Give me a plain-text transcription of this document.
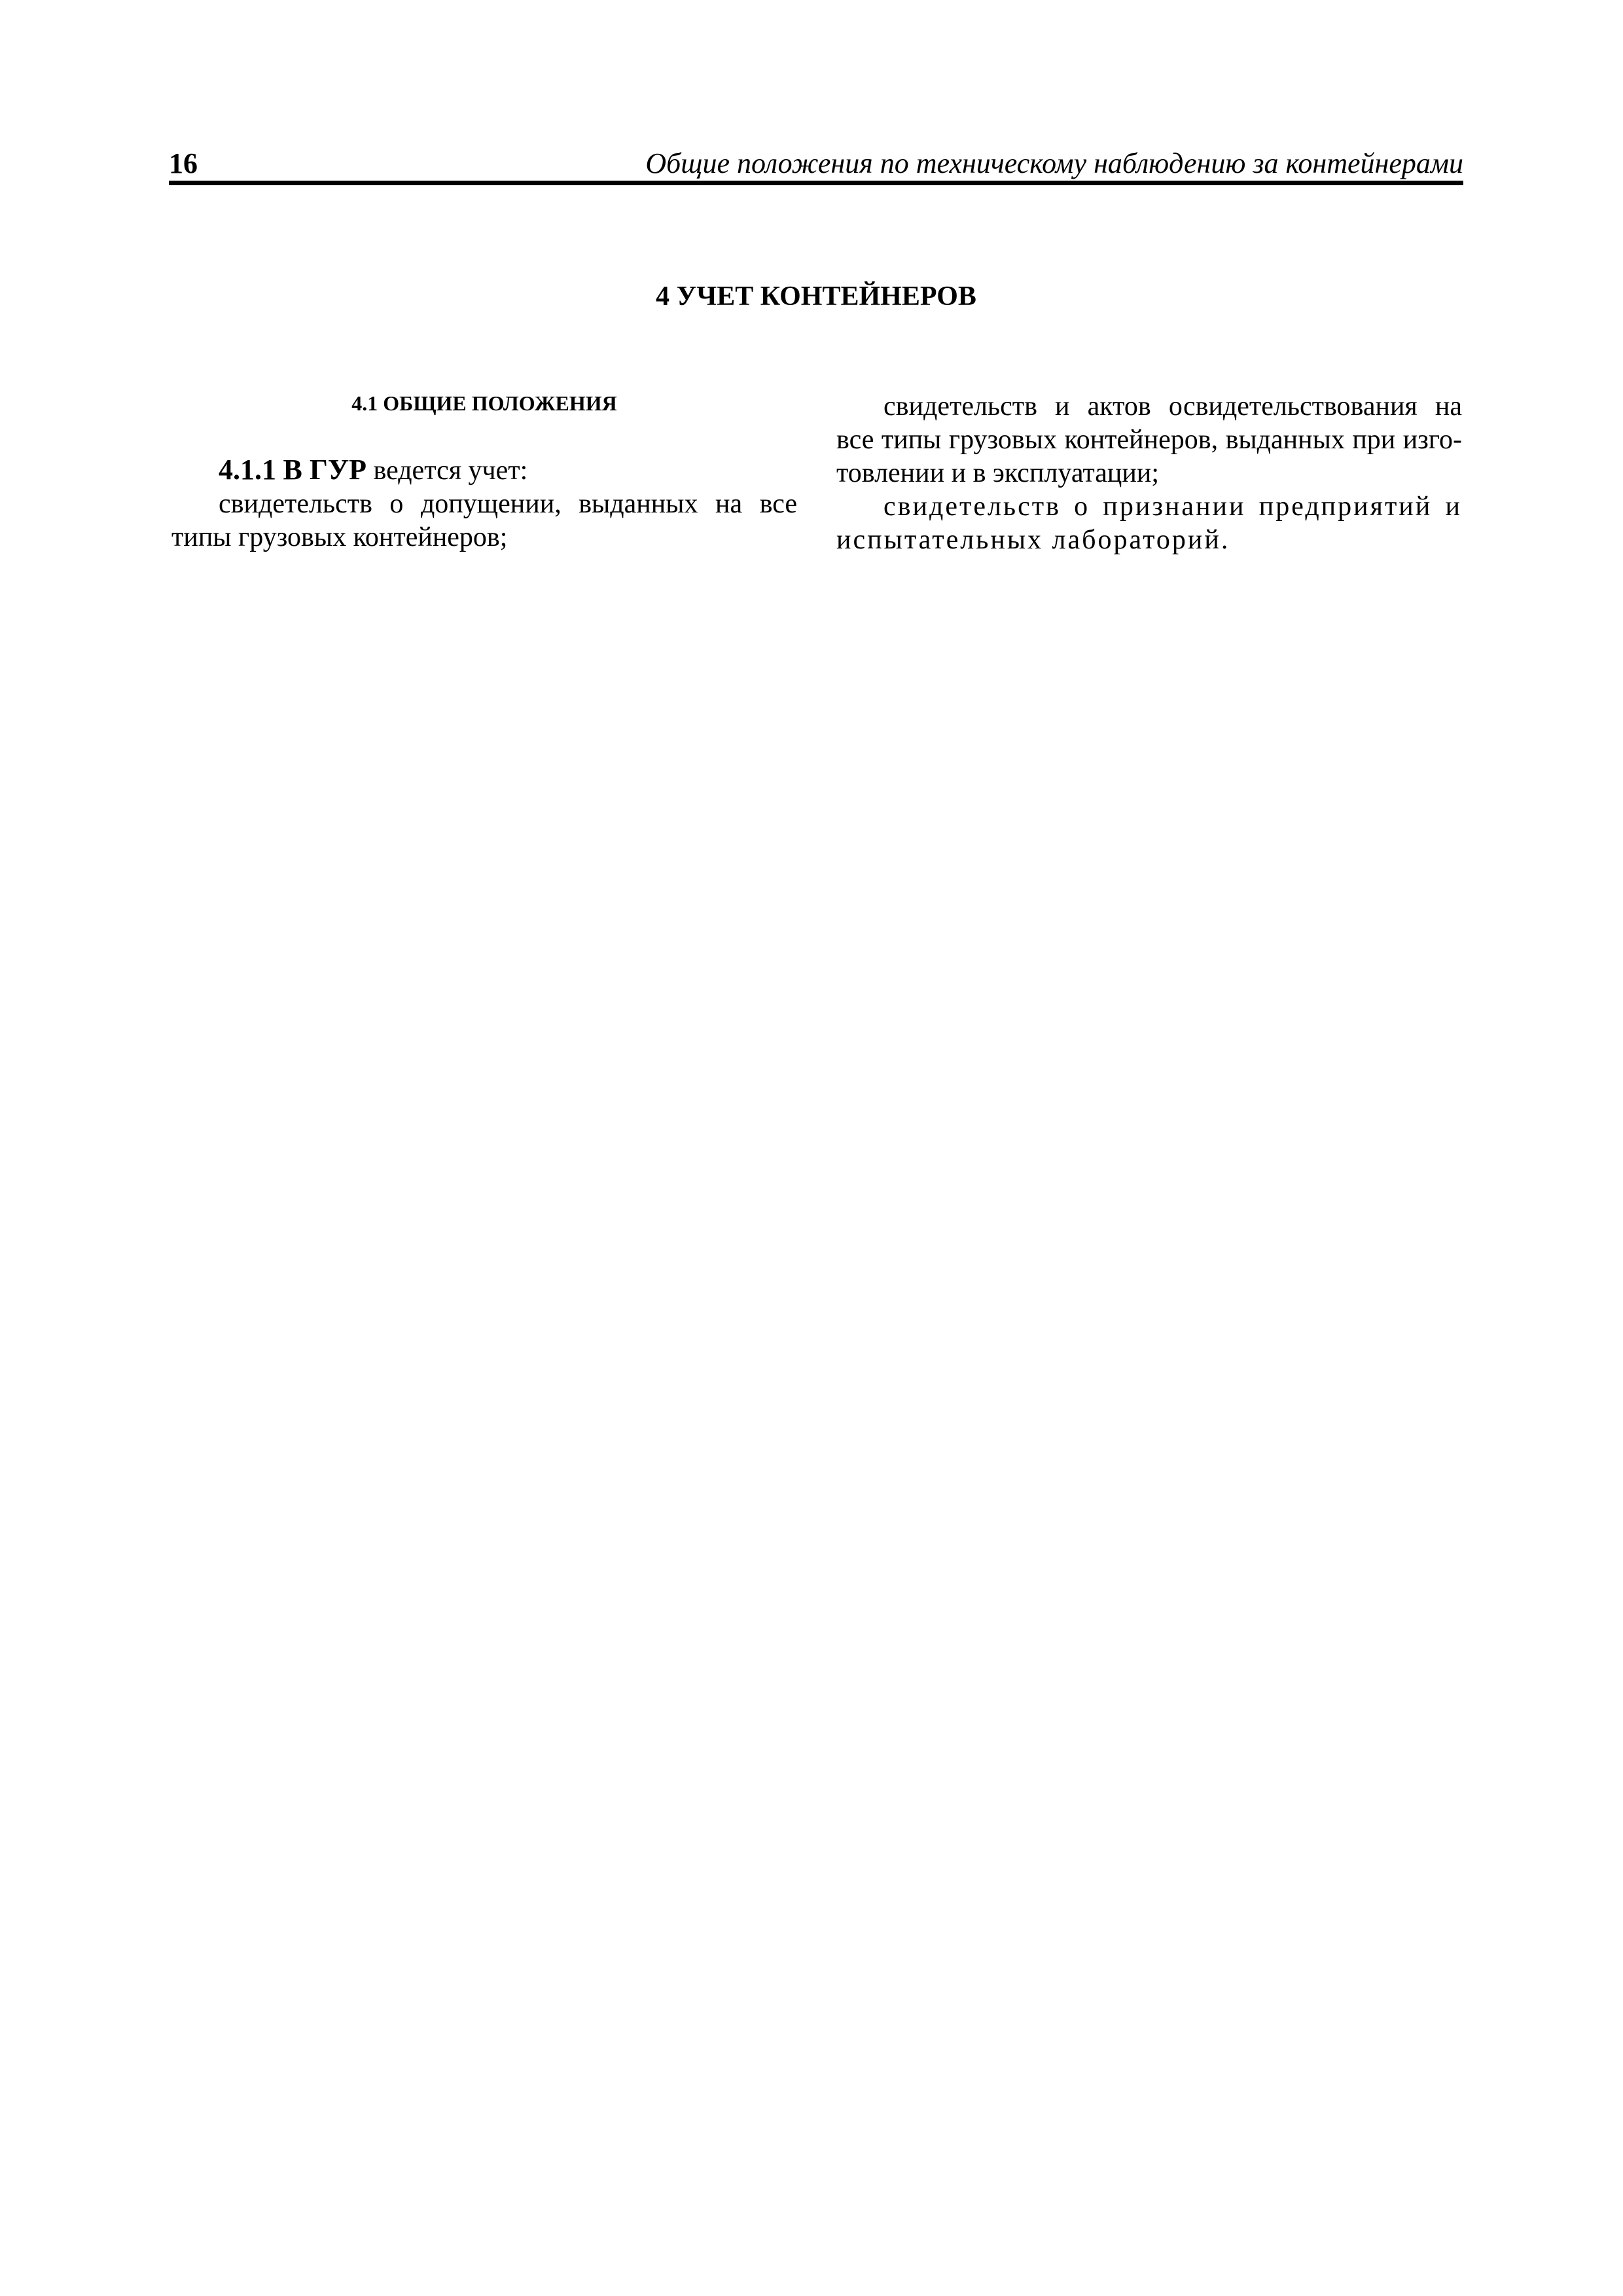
16	Общие положения по техническому наблюдению за контейнерами
4 УЧЕТ КОНТЕЙНЕРОВ
4.1 ОБЩИЕ ПОЛОЖЕНИЯ

4.1.1 В ГУР ведется учет:

свидетельств о допущении, выданных на все типы грузовых контейнеров;

свидетельств и актов освидетельствования на все типы грузовых контейнеров, выданных при изго-товлении и в эксплуатации;

свидетельств о признании предприятий и испытательных лабораторий.
